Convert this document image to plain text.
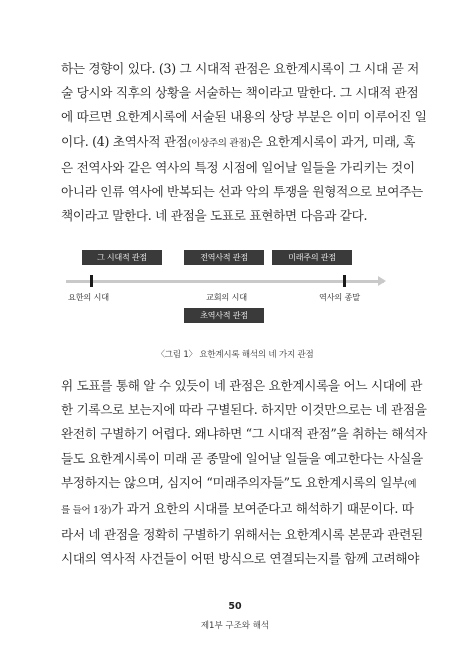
하는 경향이 있다. (3) 그 시대적 관점은 요한계시록이 그 시대 곧 저
술 당시와 직후의 상황을 서술하는 책이라고 말한다. 그 시대적 관점
에 따르면 요한계시록에 서술된 내용의 상당 부분은 이미 이루어진 일
이다. (4) 초역사적 관점(이상주의 관점)은 요한계시록이 과거, 미래, 혹
은 전역사와 같은 역사의 특정 시점에 일어날 일들을 가리키는 것이
아니라 인류 역사에 반복되는 선과 악의 투쟁을 원형적으로 보여주는
책이라고 말한다. 네 관점을 도표로 표현하면 다음과 같다.
그 시대적 관점	전역사적 관점	미래주의 관점
요한의 시대	교회의 시대	역사의 종말
초역사적 관점
〈그림 1〉 요한계시록 해석의 네 가지 관점
위 도표를 통해 알 수 있듯이 네 관점은 요한계시록을 어느 시대에 관
한 기록으로 보는지에 따라 구별된다. 하지만 이것만으로는 네 관점을
완전히 구별하기 어렵다. 왜냐하면 “그 시대적 관점”을 취하는 해석자
들도 요한계시록이 미래 곧 종말에 일어날 일들을 예고한다는 사실을
부정하지는 않으며, 심지어 “미래주의자들”도 요한계시록의 일부(예
를 들어 1장)가 과거 요한의 시대를 보여준다고 해석하기 때문이다. 따
라서 네 관점을 정확히 구별하기 위해서는 요한계시록 본문과 관련된
시대의 역사적 사건들이 어떤 방식으로 연결되는지를 함께 고려해야
50
제1부 구조와 해석
